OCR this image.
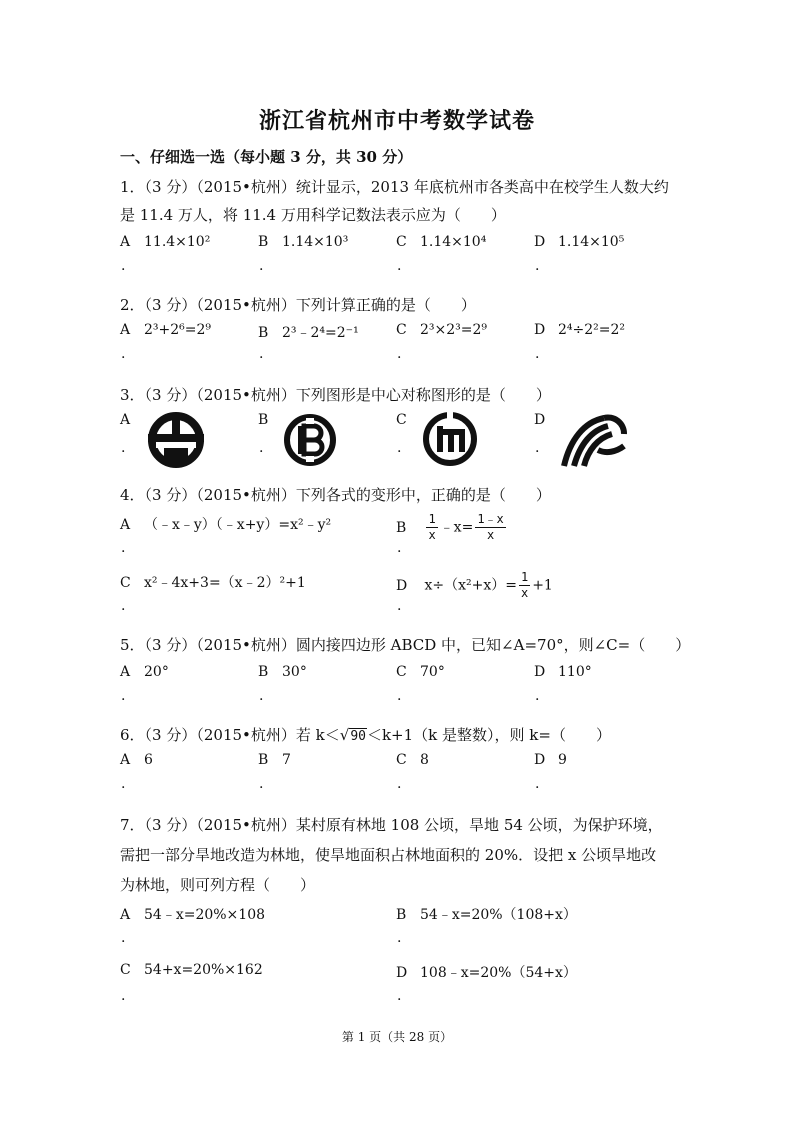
浙江省杭州市中考数学试卷
一、仔细选一选（每小题 3 分，共 30 分）
1．（3 分）（2015•杭州）统计显示，2013 年底杭州市各类高中在校学生人数大约
是 11.4 万人，将 11.4 万用科学记数法表示应为（　　）
A 11.4×10²	B 1.14×10³	C 1.14×10⁴	D 1.14×10⁵
.	.	.	.
2．（3 分）（2015•杭州）下列计算正确的是（　　）
A 2³+2⁶=2⁹	B 2³﹣2⁴=2⁻¹	C 2³×2³=2⁹	D 2⁴÷2²=2²
.	.	.	.
3．（3 分）（2015•杭州）下列图形是中心对称图形的是（　　）
A	B	C	D
.	.	.	.
4．（3 分）（2015•杭州）下列各式的变形中，正确的是（　　）
A （﹣x﹣y）（﹣x+y）=x²﹣y²	B $\frac{1}{x}$ ﹣x= $\frac{1﹣x}{x}$
.	.
C x²﹣4x+3=（x﹣2）²+1	D $x\div(x^2+x)= \frac{1}{x} +1$
.	.
5．（3 分）（2015•杭州）圆内接四边形 ABCD 中，已知∠A=70°，则∠C=（　　）
A 20°	B 30°	C 70°	D 110°
.	.	.	.
6．（3 分）（2015•杭州）若 k＜√90＜k+1（k 是整数），则 k=（　　）
A 6	B 7	C 8	D 9
.	.	.	.
7．（3 分）（2015•杭州）某村原有林地 108 公顷，旱地 54 公顷，为保护环境，
需把一部分旱地改造为林地，使旱地面积占林地面积的 20%．设把 x 公顷旱地改
为林地，则可列方程（　　）
A 54﹣x=20%×108	B 54﹣x=20%（108+x）
.	.
C 54+x=20%×162	D 108﹣x=20%（54+x）
.	.
第 1 页（共 28 页）
